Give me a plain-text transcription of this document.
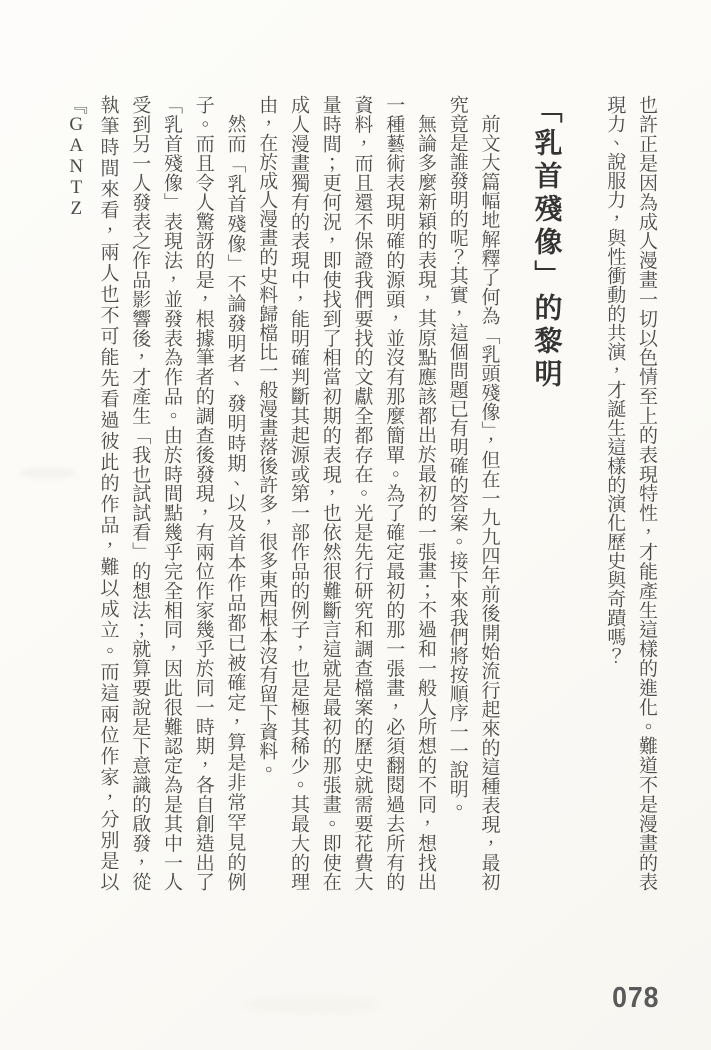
也許正是因為成人漫畫一切以色情至上的表現特性，才能產生這樣的進化。難道不是漫畫的表現力、說服力，與性衝動的共演，才誕生這樣的演化歷史與奇蹟嗎？

「乳首殘像」的黎明

前文大篇幅地解釋了何為「乳頭殘像」，但在一九九四年前後開始流行起來的這種表現，最初究竟是誰發明的呢？其實，這個問題已有明確的答案。接下來我們將按順序一一說明。

無論多麼新穎的表現，其原點應該都出於最初的一張畫；不過和一般人所想的不同，想找出一種藝術表現明確的源頭，並沒有那麼簡單。為了確定最初的那一張畫，必須翻閱過去所有的資料，而且還不保證我們要找的文獻全都存在。光是先行研究和調查檔案的歷史就需要花費大量時間；更何況，即使找到了相當初期的表現，也依然很難斷言這就是最初的那張畫。即使在成人漫畫獨有的表現中，能明確判斷其起源或第一部作品的例子，也是極其稀少。其最大的理由，在於成人漫畫的史料歸檔比一般漫畫落後許多，很多東西根本沒有留下資料。

然而「乳首殘像」不論發明者、發明時期、以及首本作品都已被確定，算是非常罕見的例子。而且令人驚訝的是，根據筆者的調查後發現，有兩位作家幾乎於同一時期，各自創造出了「乳首殘像」表現法，並發表為作品。由於時間點幾乎完全相同，因此很難認定為是其中一人受到另一人發表之作品影響後，才產生「我也試試看」的想法；就算要說是下意識的啟發，從執筆時間來看，兩人也不可能先看過彼此的作品，難以成立。而這兩位作家，分別是以『GANTZ

078
